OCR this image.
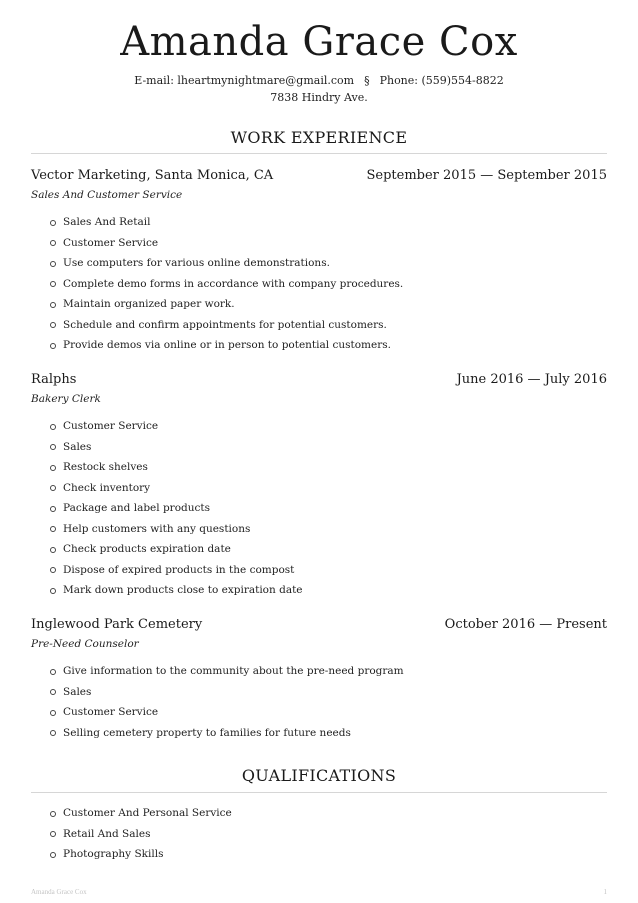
Amanda Grace Cox
E-mail: lheartmynightmare@gmail.com § Phone: (559)554-8822
7838 Hindry Ave.
WORK EXPERIENCE
Vector Marketing, Santa Monica, CA	September 2015 — September 2015
Sales And Customer Service
Sales And Retail
Customer Service
Use computers for various online demonstrations.
Complete demo forms in accordance with company procedures.
Maintain organized paper work.
Schedule and confirm appointments for potential customers.
Provide demos via online or in person to potential customers.
Ralphs	June 2016 — July 2016
Bakery Clerk
Customer Service
Sales
Restock shelves
Check inventory
Package and label products
Help customers with any questions
Check products expiration date
Dispose of expired products in the compost
Mark down products close to expiration date
Inglewood Park Cemetery	October 2016 — Present
Pre-Need Counselor
Give information to the community about the pre-need program
Sales
Customer Service
Selling cemetery property to families for future needs
QUALIFICATIONS
Customer And Personal Service
Retail And Sales
Photography Skills
Amanda Grace Cox	1
